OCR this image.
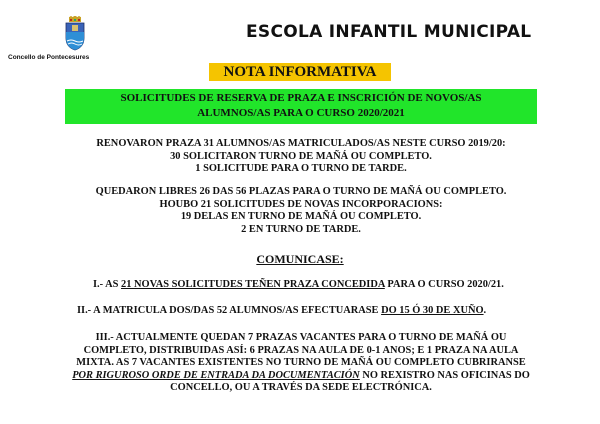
Concello de Pontecesures
ESCOLA INFANTIL MUNICIPAL
NOTA INFORMATIVA
SOLICITUDES DE RESERVA DE PRAZA E INSCRICIÓN DE NOVOS/AS
ALUMNOS/AS PARA O CURSO 2020/2021
RENOVARON PRAZA 31 ALUMNOS/AS MATRICULADOS/AS NESTE CURSO 2019/20:
30 SOLICITARON TURNO DE MAÑÁ OU COMPLETO.
1 SOLICITUDE PARA O TURNO DE TARDE.
QUEDARON LIBRES 26 DAS 56 PLAZAS PARA O TURNO DE MAÑÁ OU COMPLETO.
HOUBO 21 SOLICITUDES DE NOVAS INCORPORACIONS:
19 DELAS EN TURNO DE MAÑÁ OU COMPLETO.
2 EN TURNO DE TARDE.
COMUNICASE:
I.- AS 21 NOVAS SOLICITUDES TEÑEN PRAZA CONCEDIDA PARA O CURSO 2020/21.
II.- A MATRICULA DOS/DAS 52 ALUMNOS/AS EFECTUARASE DO 15 Ó 30 DE XUÑO.
III.- ACTUALMENTE QUEDAN 7 PRAZAS VACANTES PARA O TURNO DE MAÑÁ OU
COMPLETO, DISTRIBUIDAS ASÍ: 6 PRAZAS NA AULA DE 0-1 ANOS; E 1 PRAZA NA AULA
MIXTA. AS 7 VACANTES EXISTENTES NO TURNO DE MAÑÁ OU COMPLETO CUBRIRANSE
POR RIGUROSO ORDE DE ENTRADA DA DOCUMENTACIÓN NO REXISTRO NAS OFICINAS DO
CONCELLO, OU A TRAVÉS DA SEDE ELECTRÓNICA.
